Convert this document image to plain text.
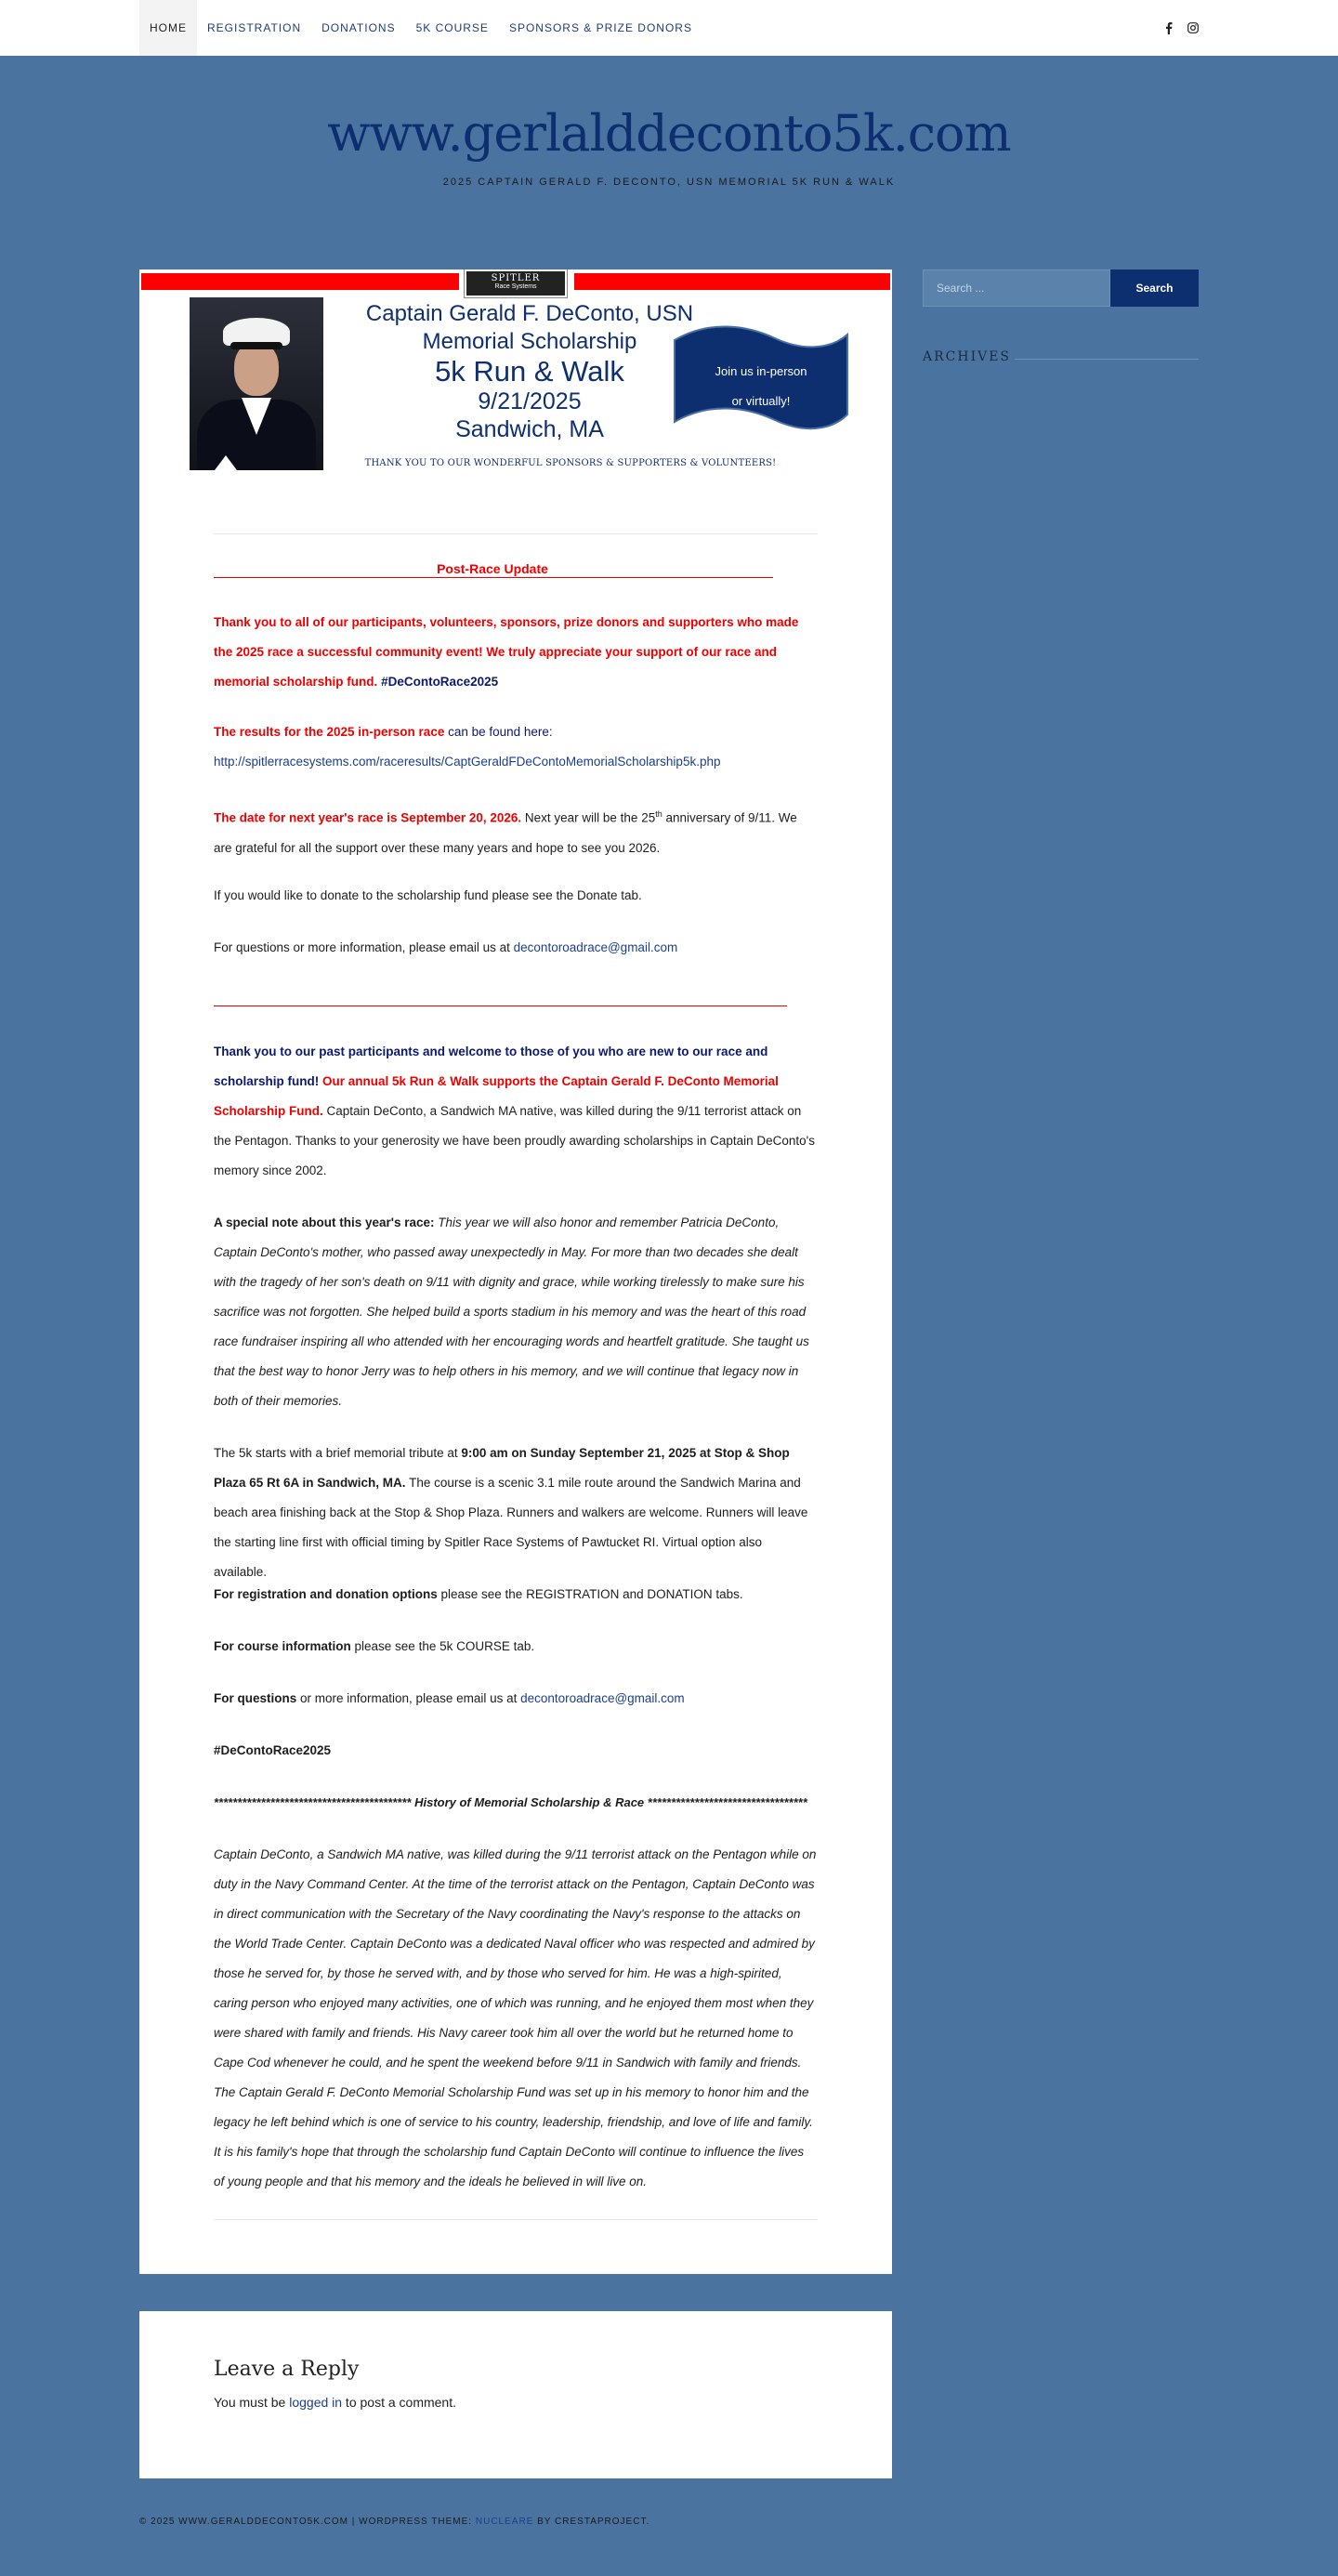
HOME	REGISTRATION	DONATIONS	5K COURSE	SPONSORS & PRIZE DONORS
www.gerlalddeconto5k.com
2025 CAPTAIN GERALD F. DECONTO, USN MEMORIAL 5K RUN & WALK
SPITLER
Race Systems
Captain Gerald F. DeConto, USN
Memorial Scholarship
5k Run & Walk
9/21/2025
Sandwich, MA
Join us in-person
or virtually!
THANK YOU TO OUR WONDERFUL SPONSORS & SUPPORTERS & VOLUNTEERS!
Post-Race Update
Thank you to all of our participants, volunteers, sponsors, prize donors and supporters who made the 2025 race a successful community event! We truly appreciate your support of our race and memorial scholarship fund. #DeContoRace2025
The results for the 2025 in-person race can be found here:
http://spitlerracesystems.com/raceresults/CaptGeraldFDeContoMemorialScholarship5k.php
The date for next year's race is September 20, 2026. Next year will be the 25th anniversary of 9/11. We are grateful for all the support over these many years and hope to see you 2026.
If you would like to donate to the scholarship fund please see the Donate tab.
For questions or more information, please email us at decontoroadrace@gmail.com
Thank you to our past participants and welcome to those of you who are new to our race and scholarship fund! Our annual 5k Run & Walk supports the Captain Gerald F. DeConto Memorial Scholarship Fund. Captain DeConto, a Sandwich MA native, was killed during the 9/11 terrorist attack on the Pentagon. Thanks to your generosity we have been proudly awarding scholarships in Captain DeConto's memory since 2002.
A special note about this year's race: This year we will also honor and remember Patricia DeConto, Captain DeConto's mother, who passed away unexpectedly in May. For more than two decades she dealt with the tragedy of her son's death on 9/11 with dignity and grace, while working tirelessly to make sure his sacrifice was not forgotten. She helped build a sports stadium in his memory and was the heart of this road race fundraiser inspiring all who attended with her encouraging words and heartfelt gratitude. She taught us that the best way to honor Jerry was to help others in his memory, and we will continue that legacy now in both of their memories.
The 5k starts with a brief memorial tribute at 9:00 am on Sunday September 21, 2025 at Stop & Shop Plaza 65 Rt 6A in Sandwich, MA. The course is a scenic 3.1 mile route around the Sandwich Marina and beach area finishing back at the Stop & Shop Plaza. Runners and walkers are welcome. Runners will leave the starting line first with official timing by Spitler Race Systems of Pawtucket RI. Virtual option also available.
For registration and donation options please see the REGISTRATION and DONATION tabs.
For course information please see the 5k COURSE tab.
For questions or more information, please email us at decontoroadrace@gmail.com
#DeContoRace2025
****************************************** History of Memorial Scholarship & Race **********************************
Captain DeConto, a Sandwich MA native, was killed during the 9/11 terrorist attack on the Pentagon while on duty in the Navy Command Center. At the time of the terrorist attack on the Pentagon, Captain DeConto was in direct communication with the Secretary of the Navy coordinating the Navy's response to the attacks on the World Trade Center. Captain DeConto was a dedicated Naval officer who was respected and admired by those he served for, by those he served with, and by those who served for him. He was a high-spirited, caring person who enjoyed many activities, one of which was running, and he enjoyed them most when they were shared with family and friends. His Navy career took him all over the world but he returned home to Cape Cod whenever he could, and he spent the weekend before 9/11 in Sandwich with family and friends. The Captain Gerald F. DeConto Memorial Scholarship Fund was set up in his memory to honor him and the legacy he left behind which is one of service to his country, leadership, friendship, and love of life and family. It is his family's hope that through the scholarship fund Captain DeConto will continue to influence the lives of young people and that his memory and the ideals he believed in will live on.
Search ...
Search
ARCHIVES
Leave a Reply
You must be logged in to post a comment.
© 2025 WWW.GERALDDECONTO5K.COM | WORDPRESS THEME: NUCLEARE BY CRESTAPROJECT.
